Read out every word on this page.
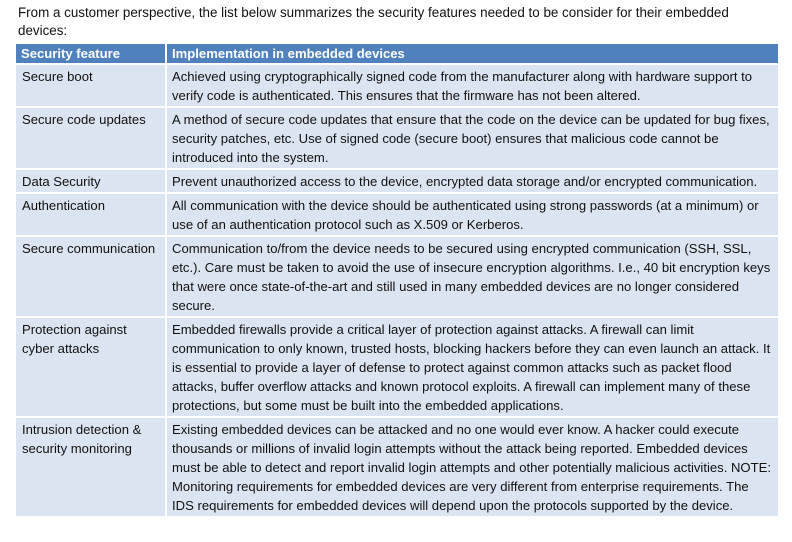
From a customer perspective, the list below summarizes the security features needed to be consider for their embedded devices:
Security feature	Implementation in embedded devices
Secure boot	Achieved using cryptographically signed code from the manufacturer along with hardware support to verify code is authenticated. This ensures that the firmware has not been altered.
Secure code updates	A method of secure code updates that ensure that the code on the device can be updated for bug fixes, security patches, etc. Use of signed code (secure boot) ensures that malicious code cannot be introduced into the system.
Data Security	Prevent unauthorized access to the device, encrypted data storage and/or encrypted communication.
Authentication	All communication with the device should be authenticated using strong passwords (at a minimum) or use of an authentication protocol such as X.509 or Kerberos.
Secure communication	Communication to/from the device needs to be secured using encrypted communication (SSH, SSL, etc.). Care must be taken to avoid the use of insecure encryption algorithms. I.e., 40 bit encryption keys that were once state-of-the-art and still used in many embedded devices are no longer considered secure.
Protection against cyber attacks	Embedded firewalls provide a critical layer of protection against attacks. A firewall can limit communication to only known, trusted hosts, blocking hackers before they can even launch an attack. It is essential to provide a layer of defense to protect against common attacks such as packet flood attacks, buffer overflow attacks and known protocol exploits. A firewall can implement many of these protections, but some must be built into the embedded applications.
Intrusion detection & security monitoring	Existing embedded devices can be attacked and no one would ever know. A hacker could execute thousands or millions of invalid login attempts without the attack being reported. Embedded devices must be able to detect and report invalid login attempts and other potentially malicious activities. NOTE: Monitoring requirements for embedded devices are very different from enterprise requirements. The IDS requirements for embedded devices will depend upon the protocols supported by the device.
